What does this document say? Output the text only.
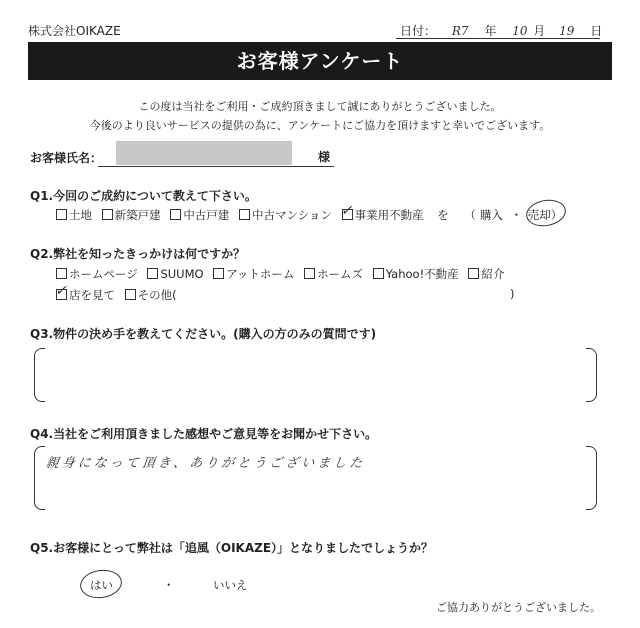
株式会社OIKAZE	日付： R7 年 10 月 19 日
お客様アンケート
この度は当社をご利用・ご成約頂きまして誠にありがとうございました。
今後のより良いサービスの提供の為に、アンケートにご協力を頂けますと幸いでございます。
お客様氏名：	様
Q1.今回のご成約について教えて下さい。
土地 新築戸建 中古戸建 中古マンション ✓ 事業用不動産 を （ 購入 ・ 売却）
Q2.弊社を知ったきっかけは何ですか？
ホームページ SUUMO アットホーム ホームズ Yahoo!不動産 紹介
✓ 店を見て その他(	)
Q3.物件の決め手を教えてください。(購入の方のみの質問です)
Q4.当社をご利用頂きました感想やご意見等をお聞かせ下さい。
親身になって頂き、ありがとうございました
Q5.お客様にとって弊社は「追風（OIKAZE）」となりましたでしょうか？
はい	・	いいえ
ご協力ありがとうございました。
